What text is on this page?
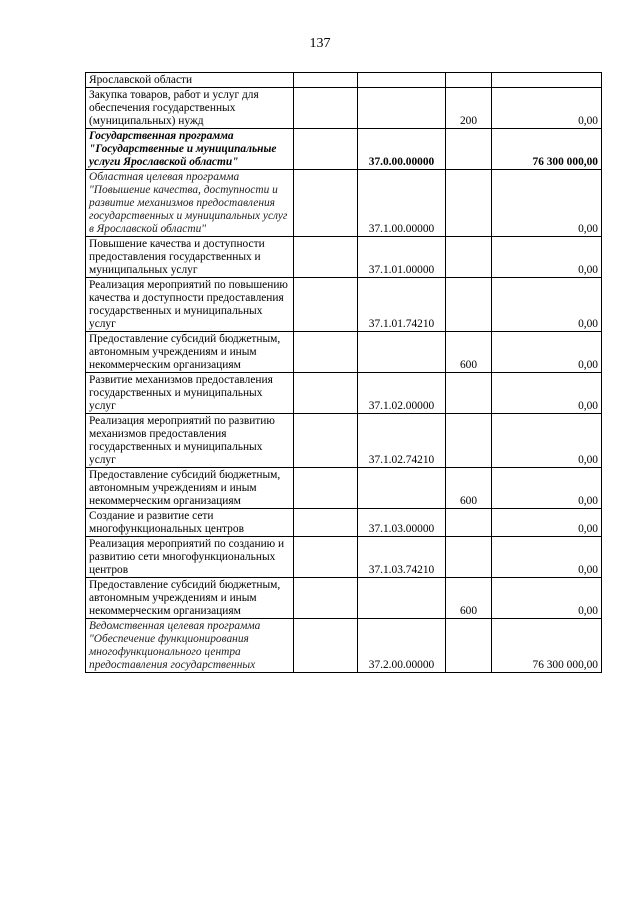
137
Ярославской области				
Закупка товаров, работ и услуг для обеспечения государственных (муниципальных) нужд			200	0,00
Государственная программа "Государственные и муниципальные услуги Ярославской области"		37.0.00.00000		76 300 000,00
Областная целевая программа "Повышение качества, доступности и развитие механизмов предоставления государственных и муниципальных услуг в Ярославской области"		37.1.00.00000		0,00
Повышение качества и доступности предоставления государственных и муниципальных услуг		37.1.01.00000		0,00
Реализация мероприятий по повышению качества и доступности предоставления государственных и муниципальных услуг		37.1.01.74210		0,00
Предоставление субсидий бюджетным, автономным учреждениям и иным некоммерческим организациям			600	0,00
Развитие механизмов предоставления государственных и муниципальных услуг		37.1.02.00000		0,00
Реализация мероприятий по развитию механизмов предоставления государственных и муниципальных услуг		37.1.02.74210		0,00
Предоставление субсидий бюджетным, автономным учреждениям и иным некоммерческим организациям			600	0,00
Создание и развитие сети многофункциональных центров		37.1.03.00000		0,00
Реализация мероприятий по созданию и развитию сети многофункциональных центров		37.1.03.74210		0,00
Предоставление субсидий бюджетным, автономным учреждениям и иным некоммерческим организациям			600	0,00
Ведомственная целевая программа "Обеспечение функционирования многофункционального центра предоставления государственных		37.2.00.00000		76 300 000,00
